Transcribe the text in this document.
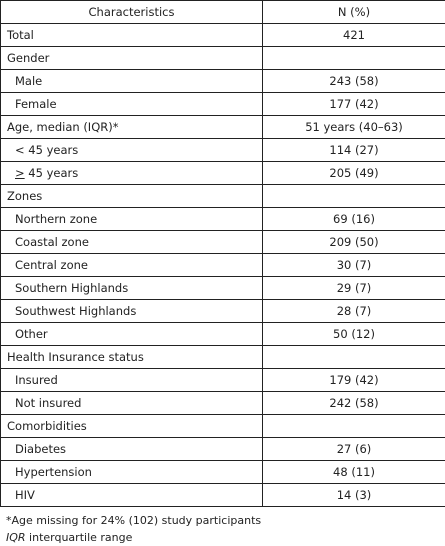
Characteristics	N (%)
Total	421
Gender	
Male	243 (58)
Female	177 (42)
Age, median (IQR)*	51 years (40–63)
< 45 years	114 (27)
> 45 years	205 (49)
Zones	
Northern zone	69 (16)
Coastal zone	209 (50)
Central zone	30 (7)
Southern Highlands	29 (7)
Southwest Highlands	28 (7)
Other	50 (12)
Health Insurance status	
Insured	179 (42)
Not insured	242 (58)
Comorbidities	
Diabetes	27 (6)
Hypertension	48 (11)
HIV	14 (3)
*Age missing for 24% (102) study participants
IQR interquartile range
